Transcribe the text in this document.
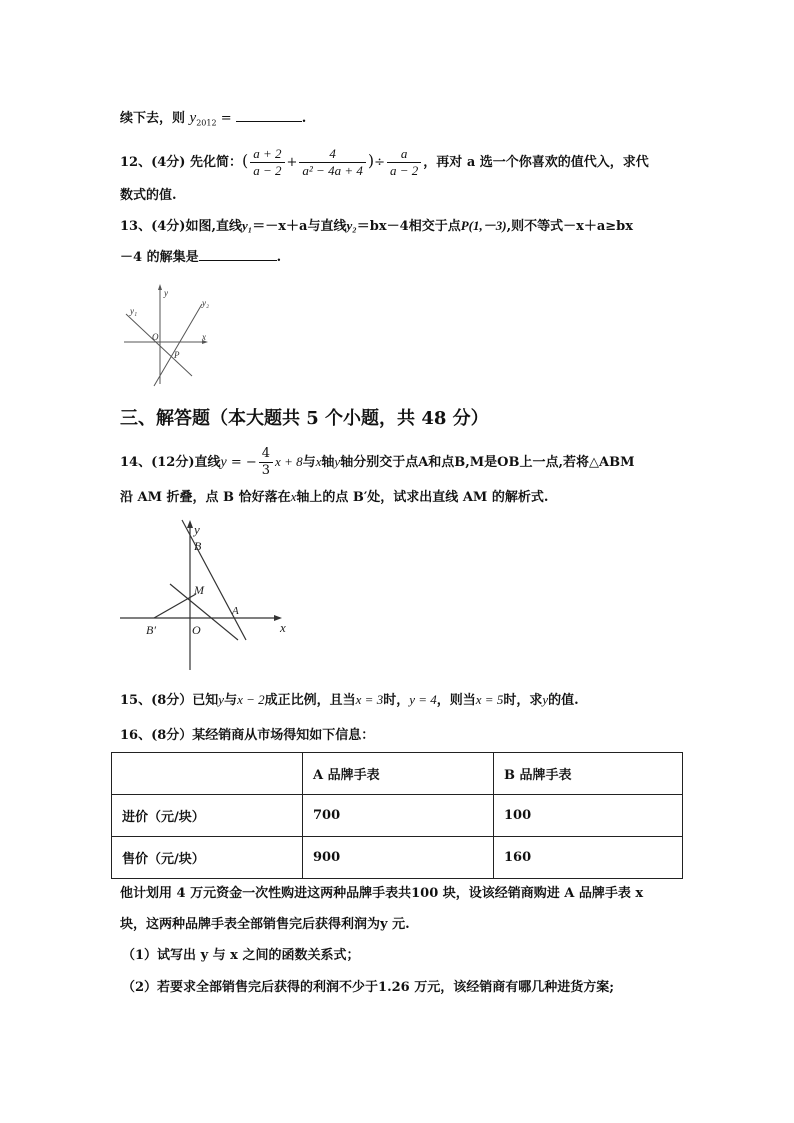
续下去，则 $y_{2012}$ =	.
12、(4分) 先化简：( $\frac{a + 2}{a - 2} + \frac{4}{\text{a² − 4a + 4}}$ )÷ $\frac{a}{a - 2}$ ，再对 a 选一个你喜欢的值代入，求代
数式的值.
13、(4分)如图,直线y₁＝－x＋a与直线y₂＝bx－4相交于点P(1,－3),则不等式－x＋a≥bx
－4 的解集是	.
y₁
y₂
y
x
O
P
三、解答题（本大题共 5 个小题，共 48 分）
14、(12分)直线y = − $\frac{4}{3}$ x + 8与x轴y轴分别交于点A和点B,M是OB上一点,若将△ABM
沿 AM 折叠，点 B 恰好落在x轴上的点 B′处，试求出直线 AM 的解析式.
y
x
B
M
A
B′	O
15、(8分）已知y与x − 2成正比例，且当x = 3时，y = 4，则当x = 5时，求y的值.
16、(8分）某经销商从市场得知如下信息：
	A 品牌手表	B 品牌手表
进价（元/块）	700	100
售价（元/块）	900	160
他计划用 4 万元资金一次性购进这两种品牌手表共100 块，设该经销商购进 A 品牌手表 x
块，这两种品牌手表全部销售完后获得利润为y 元.
（1）试写出 y 与 x 之间的函数关系式；
（2）若要求全部销售完后获得的利润不少于1.26 万元，该经销商有哪几种进货方案;
